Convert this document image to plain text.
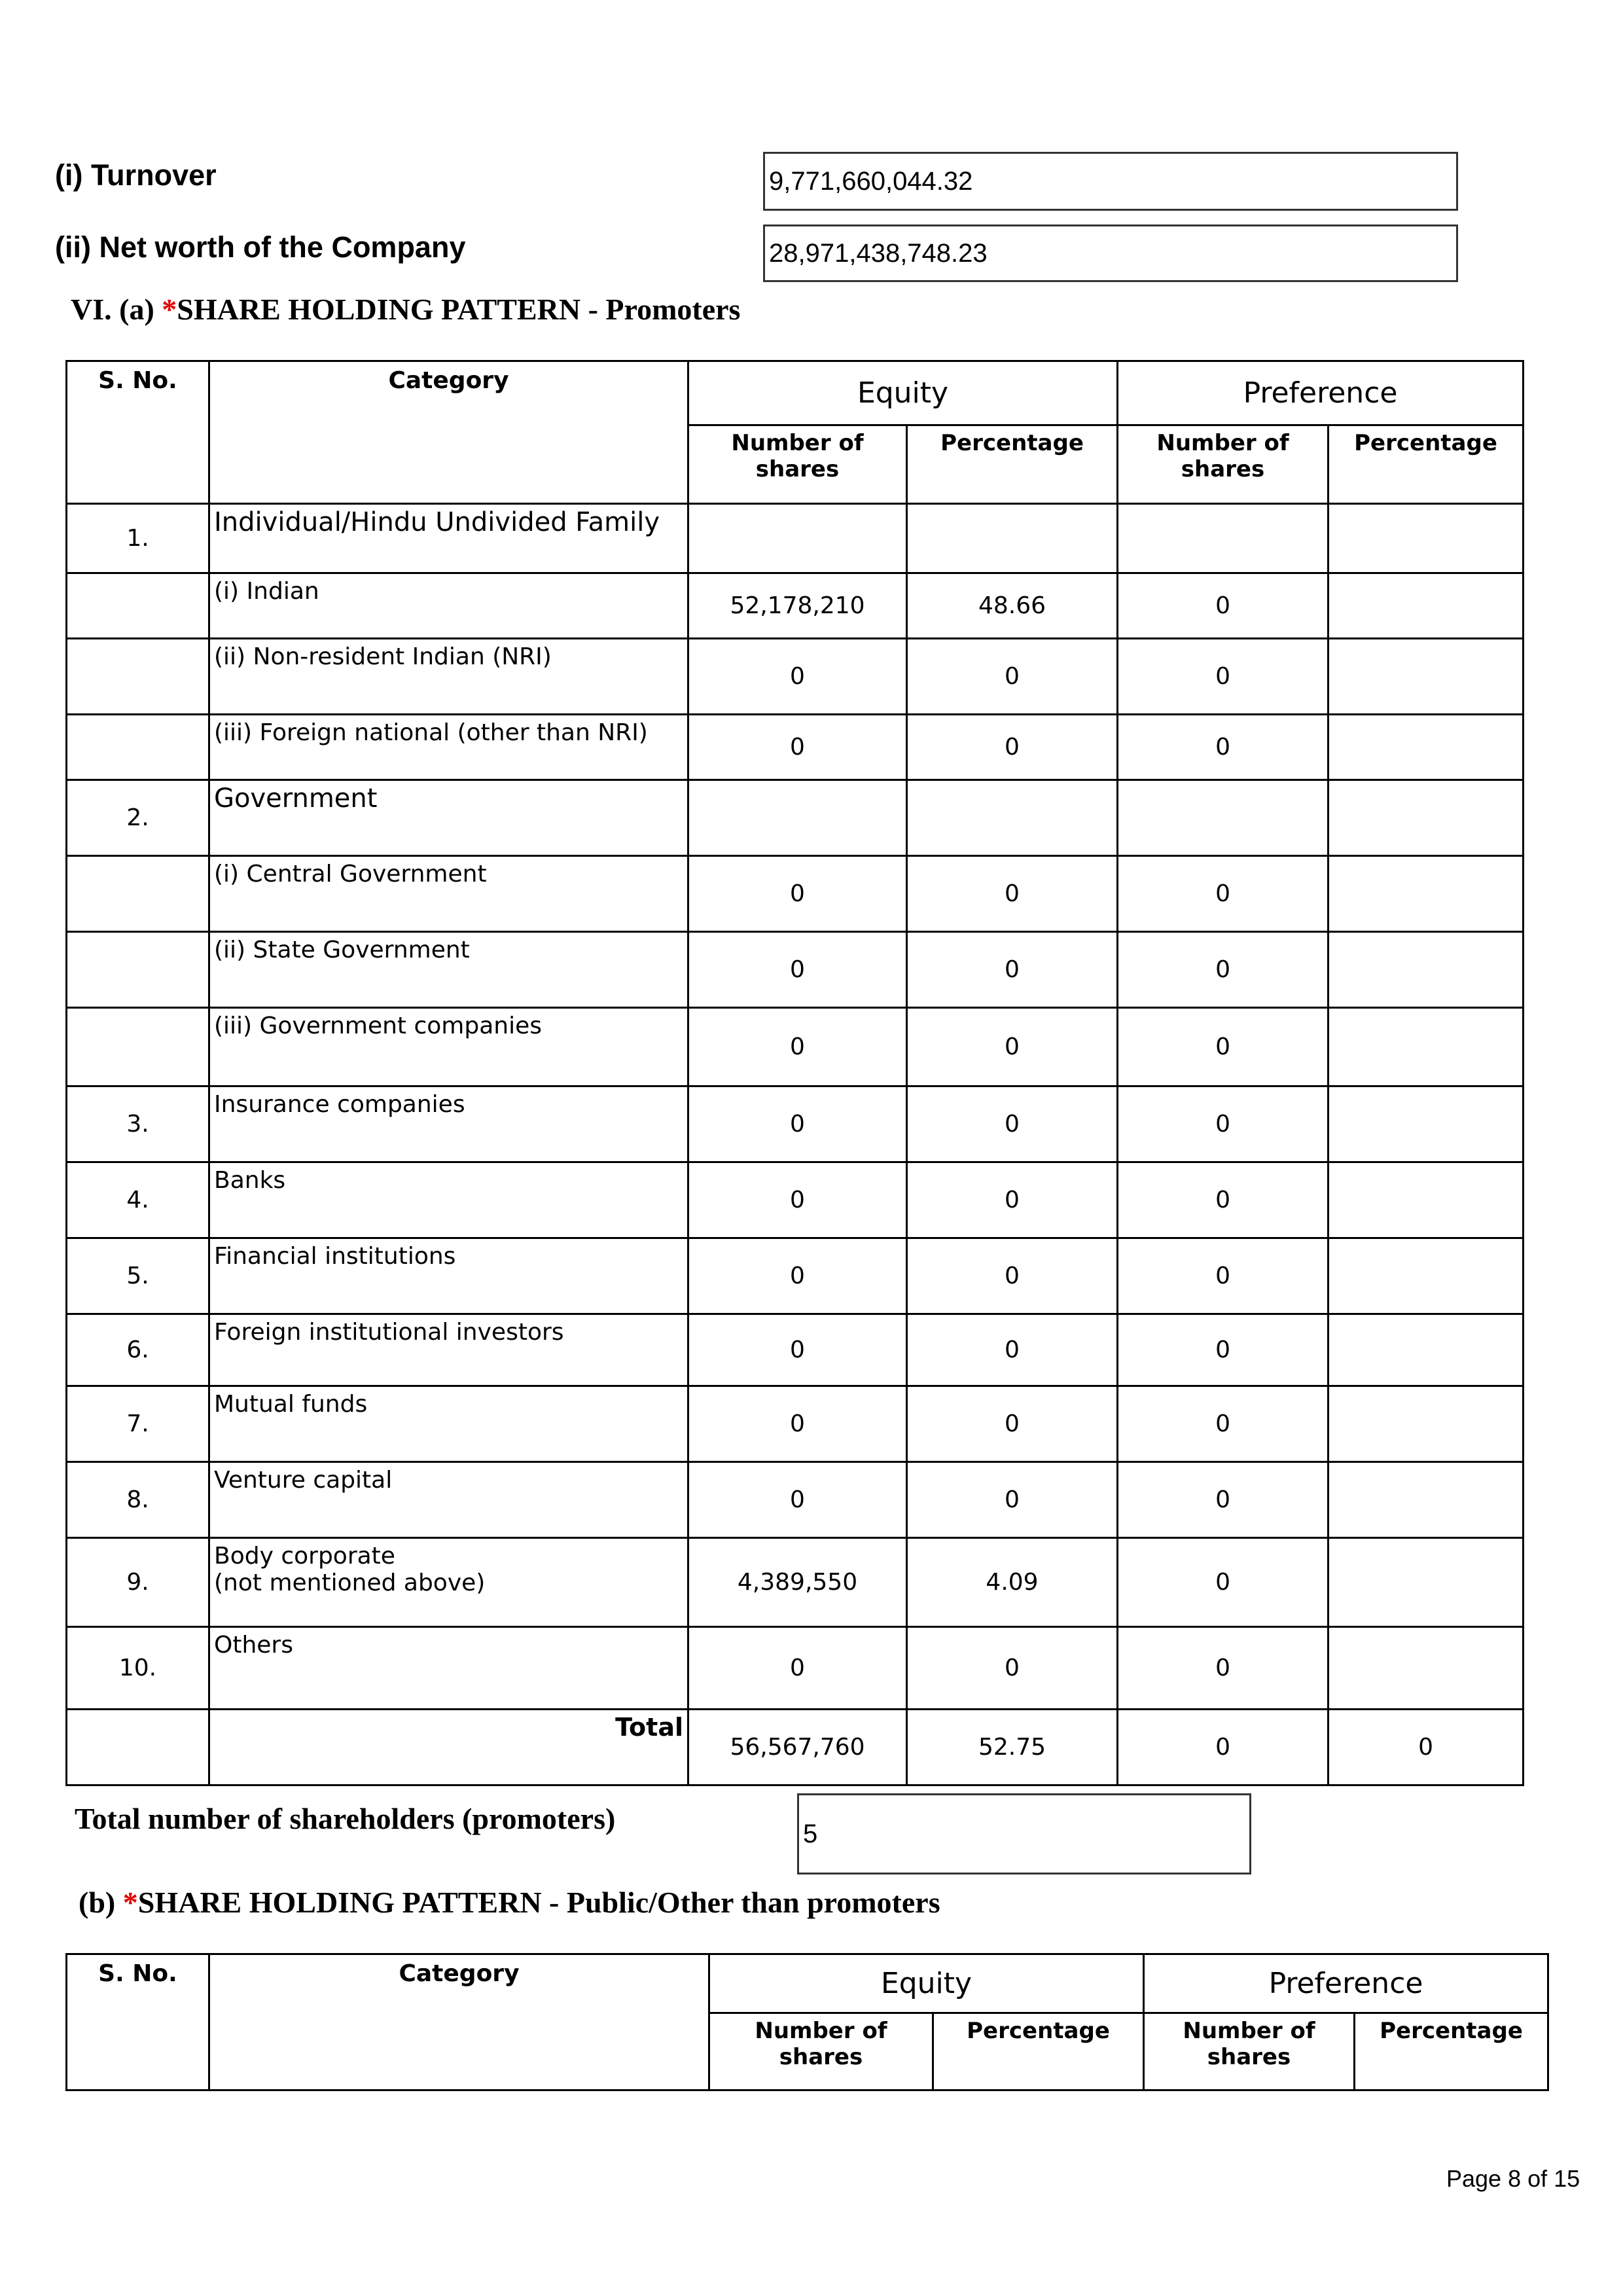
(i) Turnover	9,771,660,044.32
(ii) Net worth of the Company	28,971,438,748.23
VI. (a) *SHARE HOLDING PATTERN - Promoters
S. No.	Category	Equity		Preference	
		Number of shares	Percentage	Number of shares	Percentage
1.	Individual/Hindu Undivided Family				
	(i) Indian	52,178,210	48.66	0	
	(ii) Non-resident Indian (NRI)	0	0	0	
	(iii) Foreign national (other than NRI)	0	0	0	
2.	Government				
	(i) Central Government	0	0	0	
	(ii) State Government	0	0	0	
	(iii) Government companies	0	0	0	
3.	Insurance companies	0	0	0	
4.	Banks	0	0	0	
5.	Financial institutions	0	0	0	
6.	Foreign institutional investors	0	0	0	
7.	Mutual funds	0	0	0	
8.	Venture capital	0	0	0	
9.	Body corporate
(not mentioned above)	4,389,550	4.09	0	
10.	Others	0	0	0	
	Total	56,567,760	52.75	0	0
Total number of shareholders (promoters)	5
(b) *SHARE HOLDING PATTERN - Public/Other than promoters
S. No.	Category	Equity		Preference	
		Number of shares	Percentage	Number of shares	Percentage
Page 8 of 15
